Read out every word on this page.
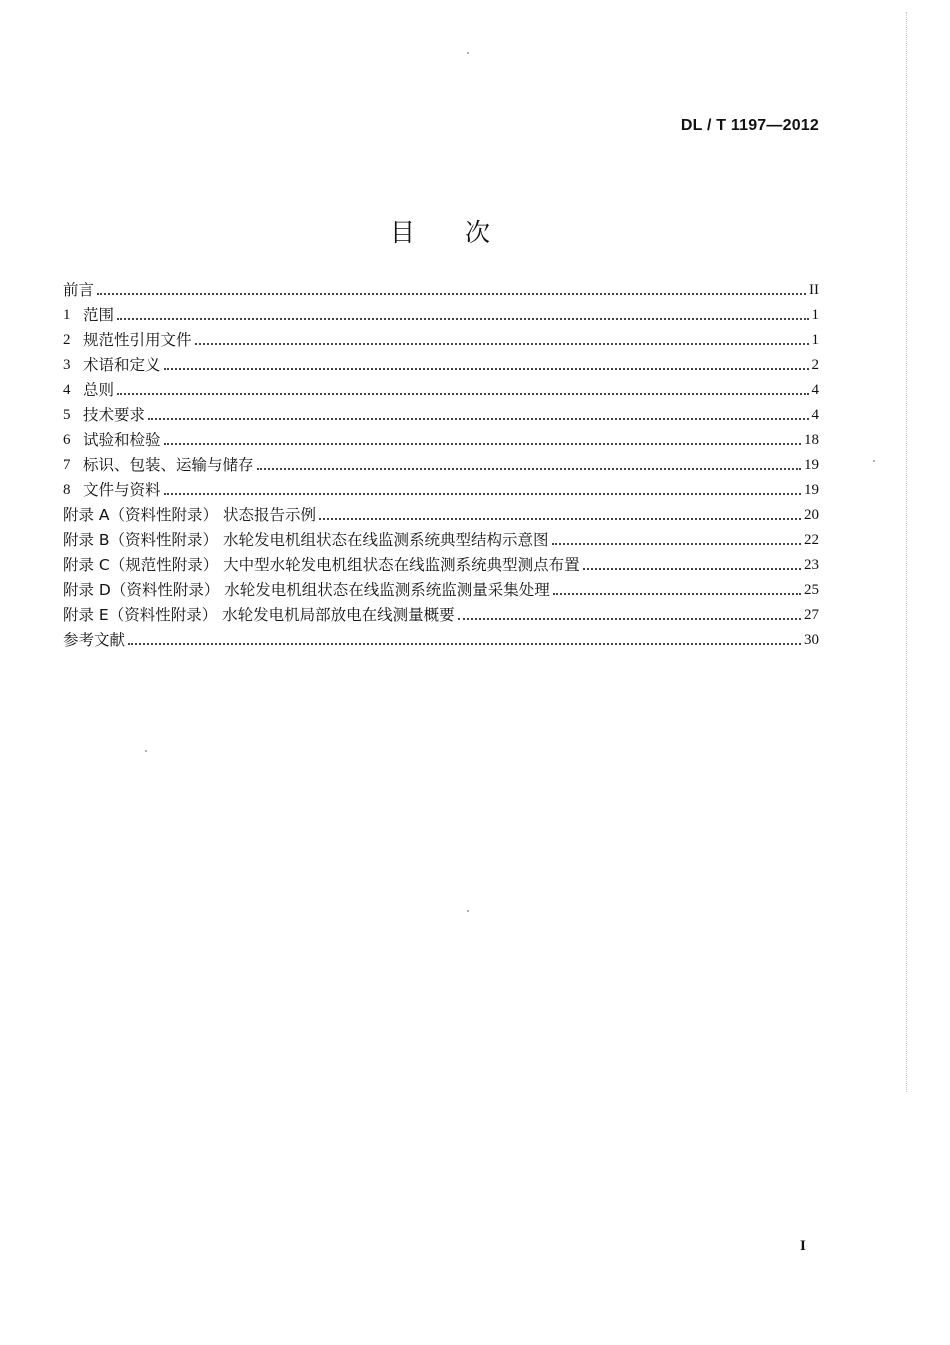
DL / T 1197—2012
目次
前言	II
1 范围	1
2 规范性引用文件	1
3 术语和定义	2
4 总则	4
5 技术要求	4
6 试验和检验	18
7 标识、包装、运输与储存	19
8 文件与资料	19
附录 A（资料性附录） 状态报告示例	20
附录 B（资料性附录） 水轮发电机组状态在线监测系统典型结构示意图	22
附录 C（规范性附录） 大中型水轮发电机组状态在线监测系统典型测点布置	23
附录 D（资料性附录） 水轮发电机组状态在线监测系统监测量采集处理	25
附录 E（资料性附录） 水轮发电机局部放电在线测量概要	27
参考文献	30
I
